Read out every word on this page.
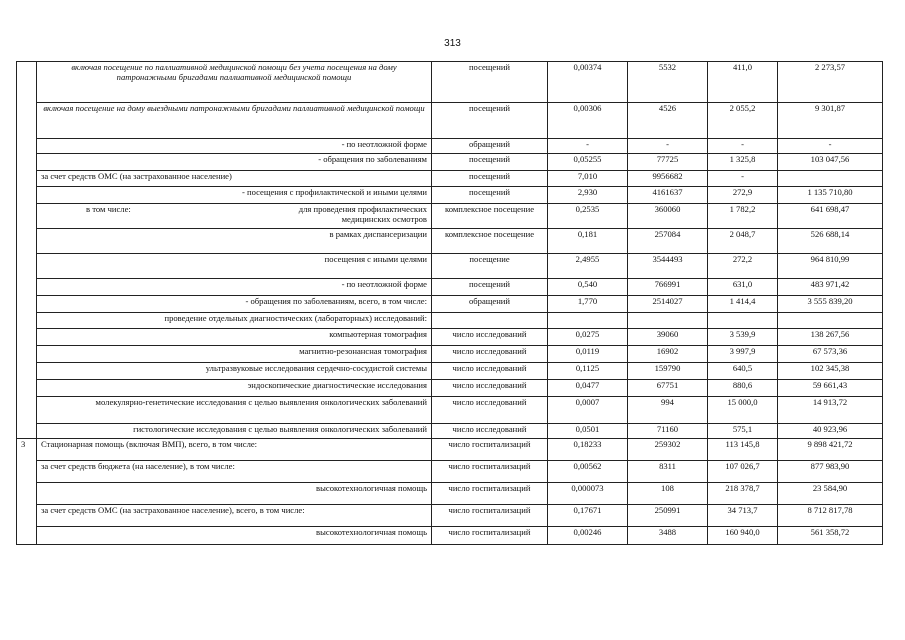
313
	включая посещение по паллиативной медицинской помощи без учета посещения на дому патронажными бригадами паллиативной медицинской помощи	посещений	0,00374	5532	411,0	2 273,57
	включая посещение на дому выездными патронажными бригадами паллиативной медицинской помощи	посещений	0,00306	4526	2 055,2	9 301,87
	- по неотложной форме	обращений	-	-	-	-
	- обращения по заболеваниям	посещений	0,05255	77725	1 325,8	103 047,56
	за счет средств ОМС (на застрахованное население)	посещений	7,010	9956682	-	
	- посещения с профилактической и иными целями	посещений	2,930	4161637	272,9	1 135 710,80

	в том числе: для проведения профилактических медицинских осмотров	комплексное посещение	0,2535	360060	1 782,2	641 698,47
	в рамках диспансеризации	комплексное посещение	0,181	257084	2 048,7	526 688,14
	посещения с иными целями	посещение	2,4955	3544493	272,2	964 810,99
	- по неотложной форме	посещений	0,540	766991	631,0	483 971,42
	- обращения по заболеваниям, всего, в том числе:	обращений	1,770	2514027	1 414,4	3 555 839,20
	проведение отдельных диагностических (лабораторных) исследований:					
	компьютерная томография	число исследований	0,0275	39060	3 539,9	138 267,56
	магнитно-резонансная томография	число исследований	0,0119	16902	3 997,9	67 573,36
	ультразвуковые исследования сердечно-сосудистой системы	число исследований	0,1125	159790	640,5	102 345,38
	эндоскопические диагностические исследования	число исследований	0,0477	67751	880,6	59 661,43
	молекулярно-генетические исследования с целью выявления онкологических заболеваний	число исследований	0,0007	994	15 000,0	14 913,72
	гистологические исследования с целью выявления онкологических заболеваний	число исследований	0,0501	71160	575,1	40 923,96
3	Стационарная помощь (включая ВМП), всего, в том числе:	число госпитализаций	0,18233	259302	113 145,8	9 898 421,72
	за счет средств бюджета (на население), в том числе:	число госпитализаций	0,00562	8311	107 026,7	877 983,90
	высокотехнологичная помощь	число госпитализаций	0,000073	108	218 378,7	23 584,90
	за счет средств ОМС (на застрахованное население), всего, в том числе:	число госпитализаций	0,17671	250991	34 713,7	8 712 817,78
	высокотехнологичная помощь	число госпитализаций	0,00246	3488	160 940,0	561 358,72
